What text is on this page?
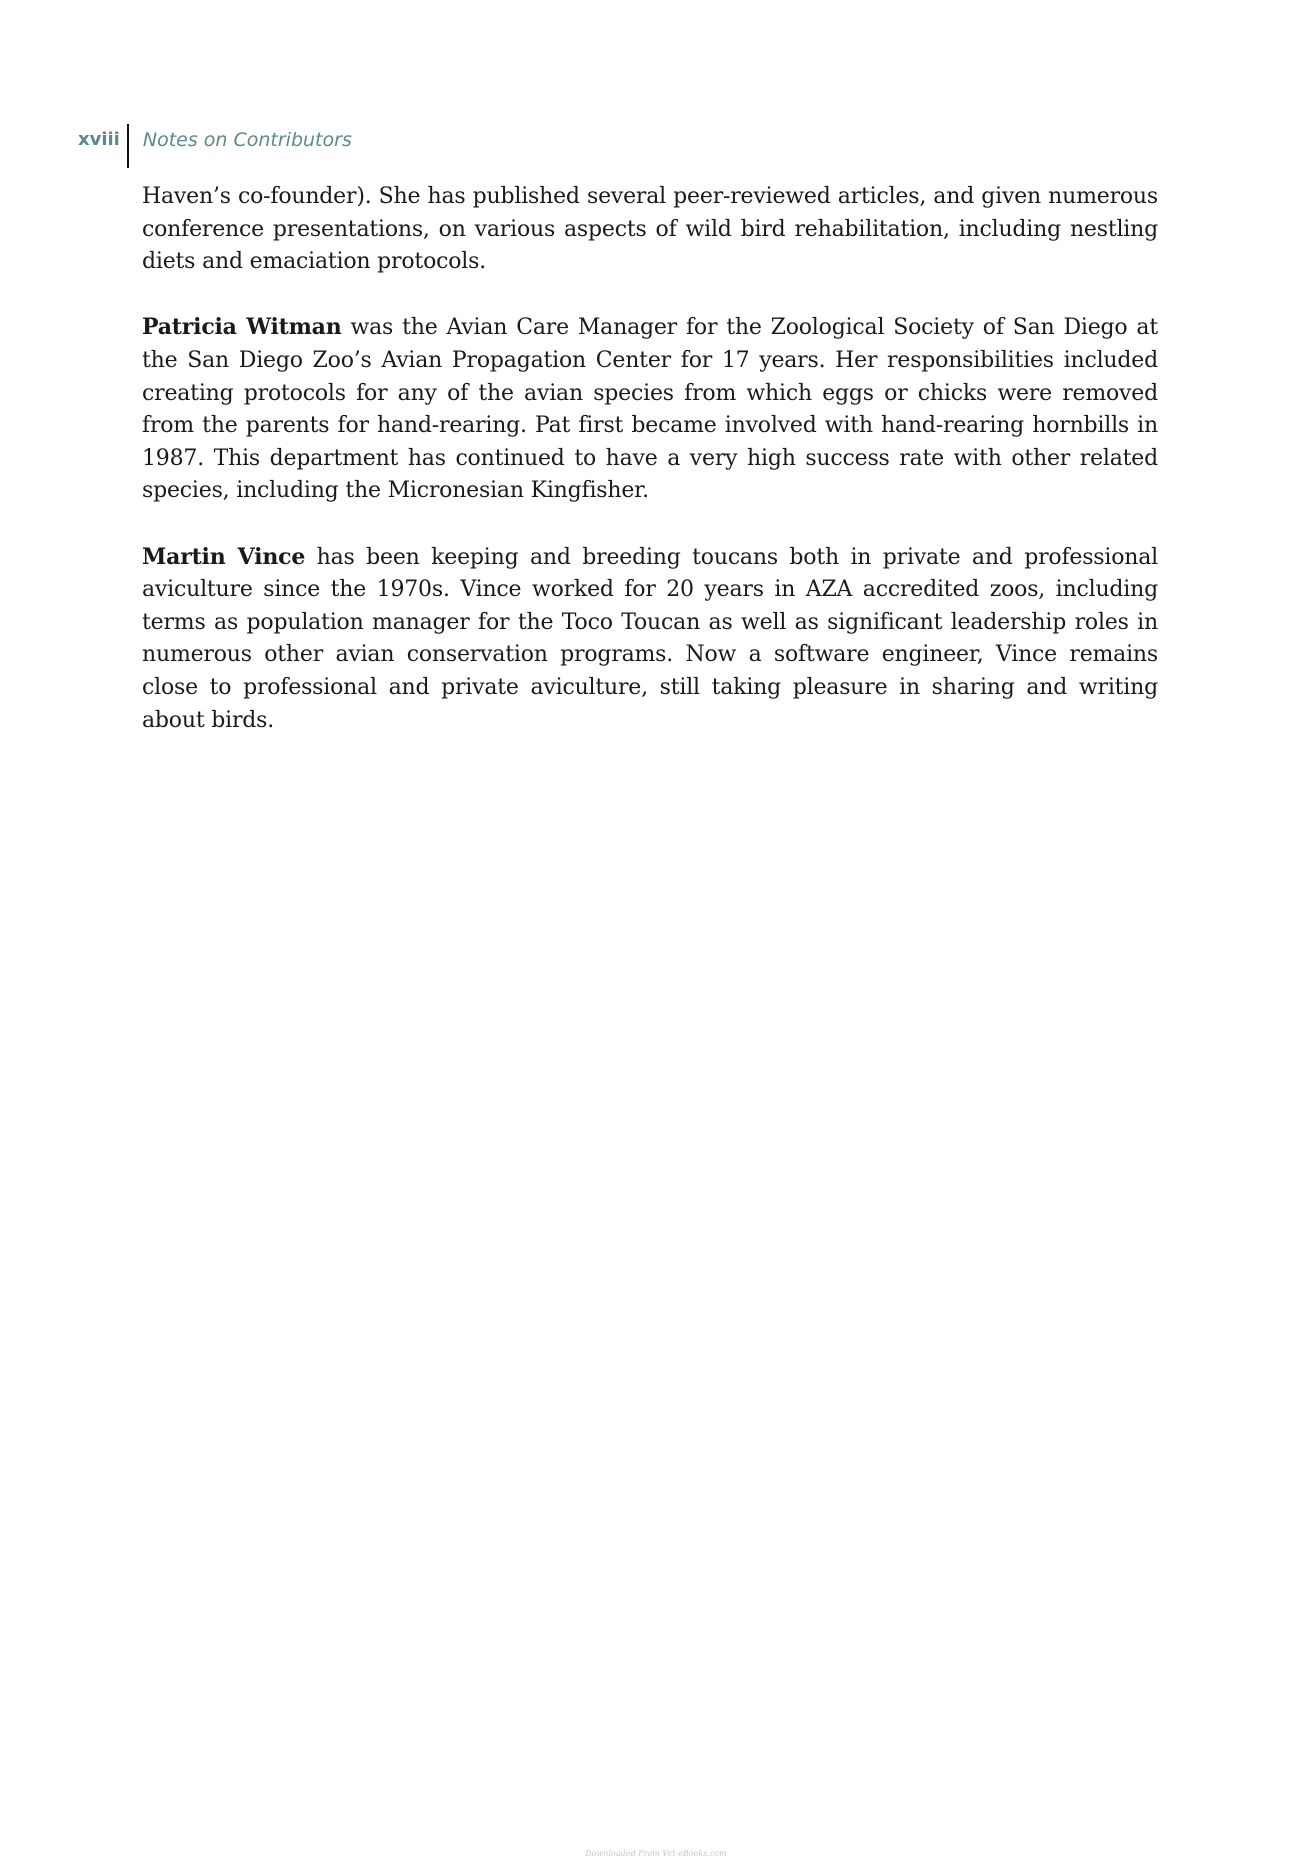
xviii Notes on Contributors

Haven’s co-founder). She has published several peer-reviewed articles, and given numerous conference presentations, on various aspects of wild bird rehabilitation, including nestling diets and emaciation protocols.

Patricia Witman was the Avian Care Manager for the Zoological Society of San Diego at the San Diego Zoo’s Avian Propagation Center for 17 years. Her responsibilities included creating protocols for any of the avian species from which eggs or chicks were removed from the parents for hand-rearing. Pat first became involved with hand-rearing hornbills in 1987. This department has continued to have a very high success rate with other related species, including the Micronesian Kingfisher.

Martin Vince has been keeping and breeding toucans both in private and professional aviculture since the 1970s. Vince worked for 20 years in AZA accredited zoos, including terms as population manager for the Toco Toucan as well as significant leadership roles in numerous other avian conservation programs. Now a software engineer, Vince remains close to professional and private aviculture, still taking pleasure in sharing and writing about birds.

Downloaded From Vet-eBooks.com
